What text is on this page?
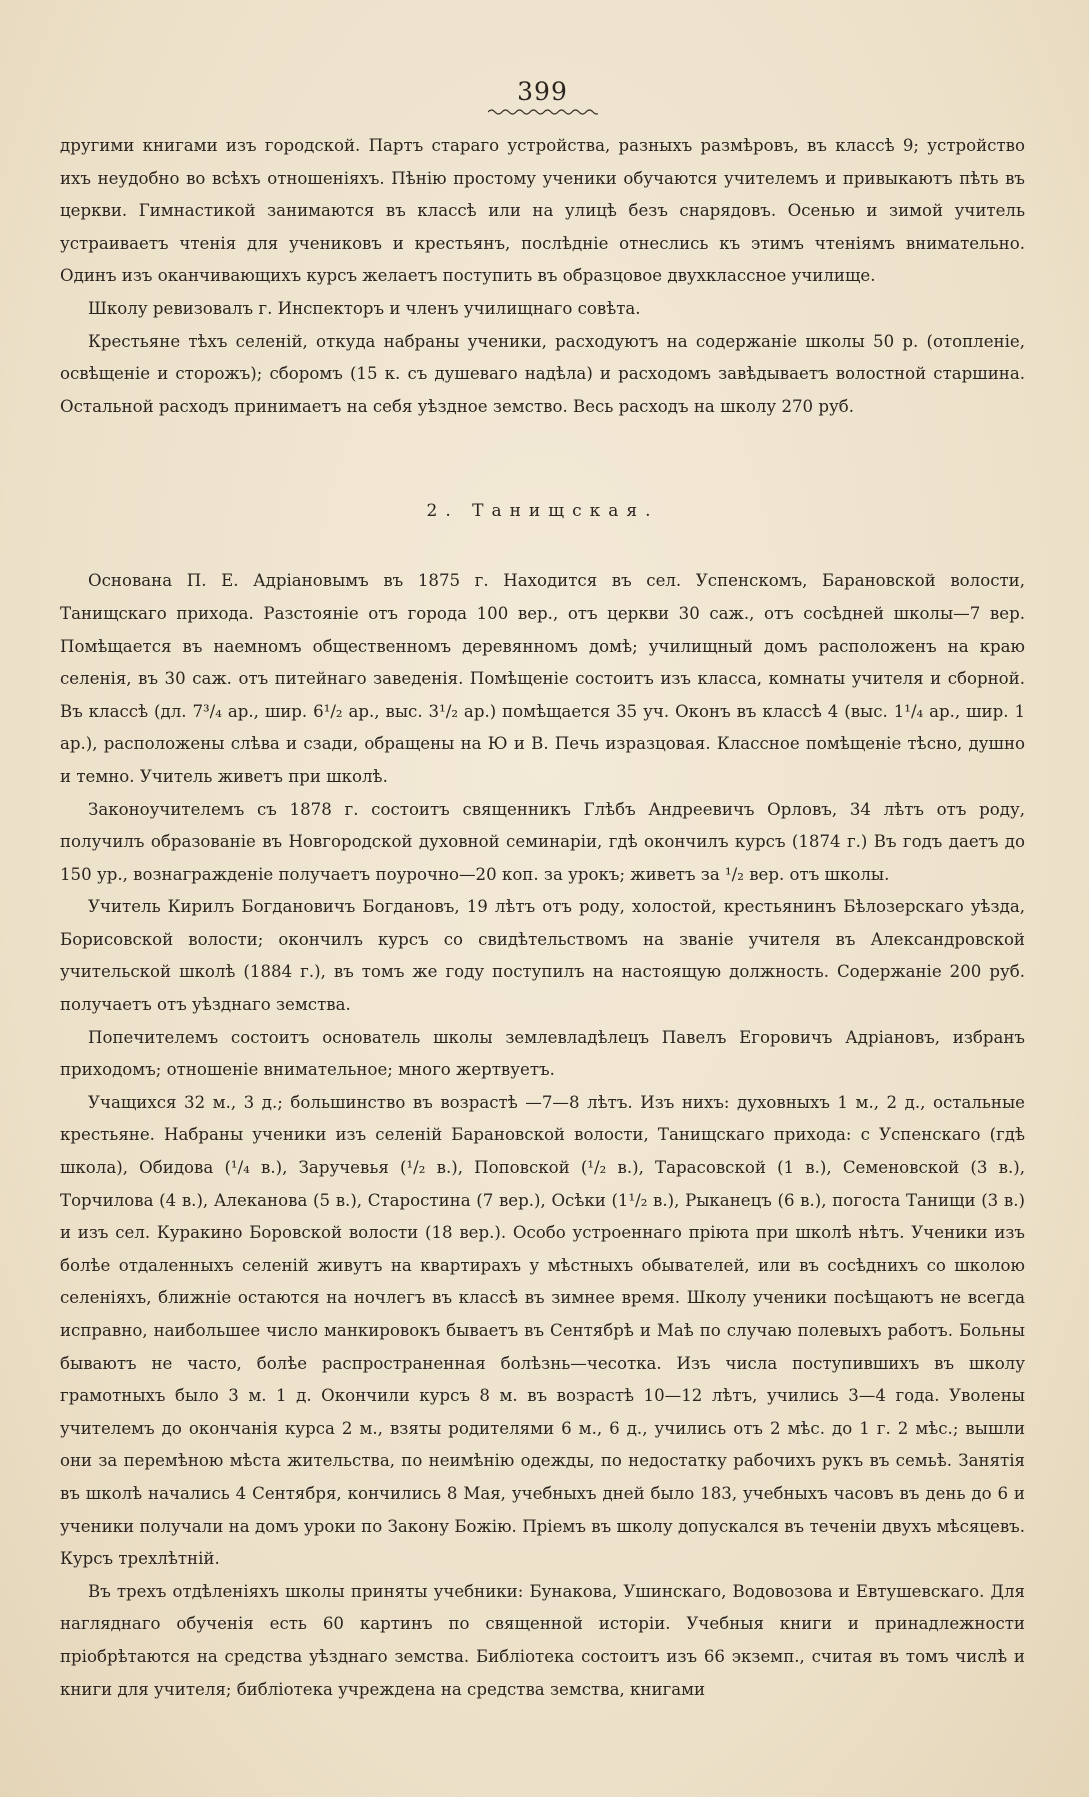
399

другими книгами изъ городской. Партъ стараго устройства, разныхъ размѣровъ, въ классѣ 9; устройство ихъ неудобно во всѣхъ отношеніяхъ. Пѣнію простому ученики обучаются учителемъ и привыкаютъ пѣть въ церкви. Гимнастикой занимаются въ классѣ или на улицѣ безъ снарядовъ. Осенью и зимой учитель устраиваетъ чтенія для учениковъ и крестьянъ, послѣдніе отнеслись къ этимъ чтеніямъ внимательно. Одинъ изъ оканчивающихъ курсъ желаетъ поступить въ образцовое двухклассное училище.

Школу ревизовалъ г. Инспекторъ и членъ училищнаго совѣта.

Крестьяне тѣхъ селеній, откуда набраны ученики, расходуютъ на содержаніе школы 50 р. (отопленіе, освѣщеніе и сторожъ); сборомъ (15 к. съ душеваго надѣла) и расходомъ завѣдываетъ волостной старшина. Остальной расходъ принимаетъ на себя уѣздное земство. Весь расходъ на школу 270 руб.

2. Танищская.

Основана П. Е. Адріановымъ въ 1875 г. Находится въ сел. Успенскомъ, Барановской волости, Танищскаго прихода. Разстояніе отъ города 100 вер., отъ церкви 30 саж., отъ сосѣдней школы—7 вер. Помѣщается въ наемномъ общественномъ деревянномъ домѣ; училищный домъ расположенъ на краю селенія, въ 30 саж. отъ питейнаго заведенія. Помѣщеніе состоитъ изъ класса, комнаты учителя и сборной. Въ классѣ (дл. 7³/₄ ар., шир. 6¹/₂ ар., выс. 3¹/₂ ар.) помѣщается 35 уч. Оконъ въ классѣ 4 (выс. 1¹/₄ ар., шир. 1 ар.), расположены слѣва и сзади, обращены на Ю и В. Печь изразцовая. Классное помѣщеніе тѣсно, душно и темно. Учитель живетъ при школѣ.

Законоучителемъ съ 1878 г. состоитъ священникъ Глѣбъ Андреевичъ Орловъ, 34 лѣтъ отъ роду, получилъ образованіе въ Новгородской духовной семинаріи, гдѣ окончилъ курсъ (1874 г.) Въ годъ даетъ до 150 ур., вознагражденіе получаетъ поурочно—20 коп. за урокъ; живетъ за ¹/₂ вер. отъ школы.

Учитель Кирилъ Богдановичъ Богдановъ, 19 лѣтъ отъ роду, холостой, крестьянинъ Бѣлозерскаго уѣзда, Борисовской волости; окончилъ курсъ со свидѣтельствомъ на званіе учителя въ Александровской учительской школѣ (1884 г.), въ томъ же году поступилъ на настоящую должность. Содержаніе 200 руб. получаетъ отъ уѣзднаго земства.

Попечителемъ состоитъ основатель школы землевладѣлецъ Павелъ Егоровичъ Адріановъ, избранъ приходомъ; отношеніе внимательное; много жертвуетъ.

Учащихся 32 м., 3 д.; большинство въ возрастѣ —7—8 лѣтъ. Изъ нихъ: духовныхъ 1 м., 2 д., остальные крестьяне. Набраны ученики изъ селеній Барановской волости, Танищскаго прихода: с Успенскаго (гдѣ школа), Обидова (¹/₄ в.), Заручевья (¹/₂ в.), Поповской (¹/₂ в.), Тарасовской (1 в.), Семеновской (3 в.), Торчилова (4 в.), Алеканова (5 в.), Старостина (7 вер.), Осѣки (1¹/₂ в.), Рыканецъ (6 в.), погоста Танищи (3 в.) и изъ сел. Куракино Боровской волости (18 вер.). Особо устроеннаго пріюта при школѣ нѣтъ. Ученики изъ болѣе отдаленныхъ селеній живутъ на квартирахъ у мѣстныхъ обывателей, или въ сосѣднихъ со школою селеніяхъ, ближніе остаются на ночлегъ въ классѣ въ зимнее время. Школу ученики посѣщаютъ не всегда исправно, наибольшее число манкировокъ бываетъ въ Сентябрѣ и Маѣ по случаю полевыхъ работъ. Больны бываютъ не часто, болѣе распространенная болѣзнь—чесотка. Изъ числа поступившихъ въ школу грамотныхъ было 3 м. 1 д. Окончили курсъ 8 м. въ возрастѣ 10—12 лѣтъ, учились 3—4 года. Уволены учителемъ до окончанія курса 2 м., взяты родителями 6 м., 6 д., учились отъ 2 мѣс. до 1 г. 2 мѣс.; вышли они за перемѣною мѣста жительства, по неимѣнію одежды, по недостатку рабочихъ рукъ въ семьѣ. Занятія въ школѣ начались 4 Сентября, кончились 8 Мая, учебныхъ дней было 183, учебныхъ часовъ въ день до 6 и ученики получали на домъ уроки по Закону Божію. Пріемъ въ школу допускался въ теченіи двухъ мѣсяцевъ. Курсъ трехлѣтній.

Въ трехъ отдѣленіяхъ школы приняты учебники: Бунакова, Ушинскаго, Водовозова и Евтушевскаго. Для нагляднаго обученія есть 60 картинъ по священной исторіи. Учебныя книги и принадлежности пріобрѣтаются на средства уѣзднаго земства. Библіотека состоитъ изъ 66 экземп., считая въ томъ числѣ и книги для учителя; библіотека учреждена на средства земства, книгами
